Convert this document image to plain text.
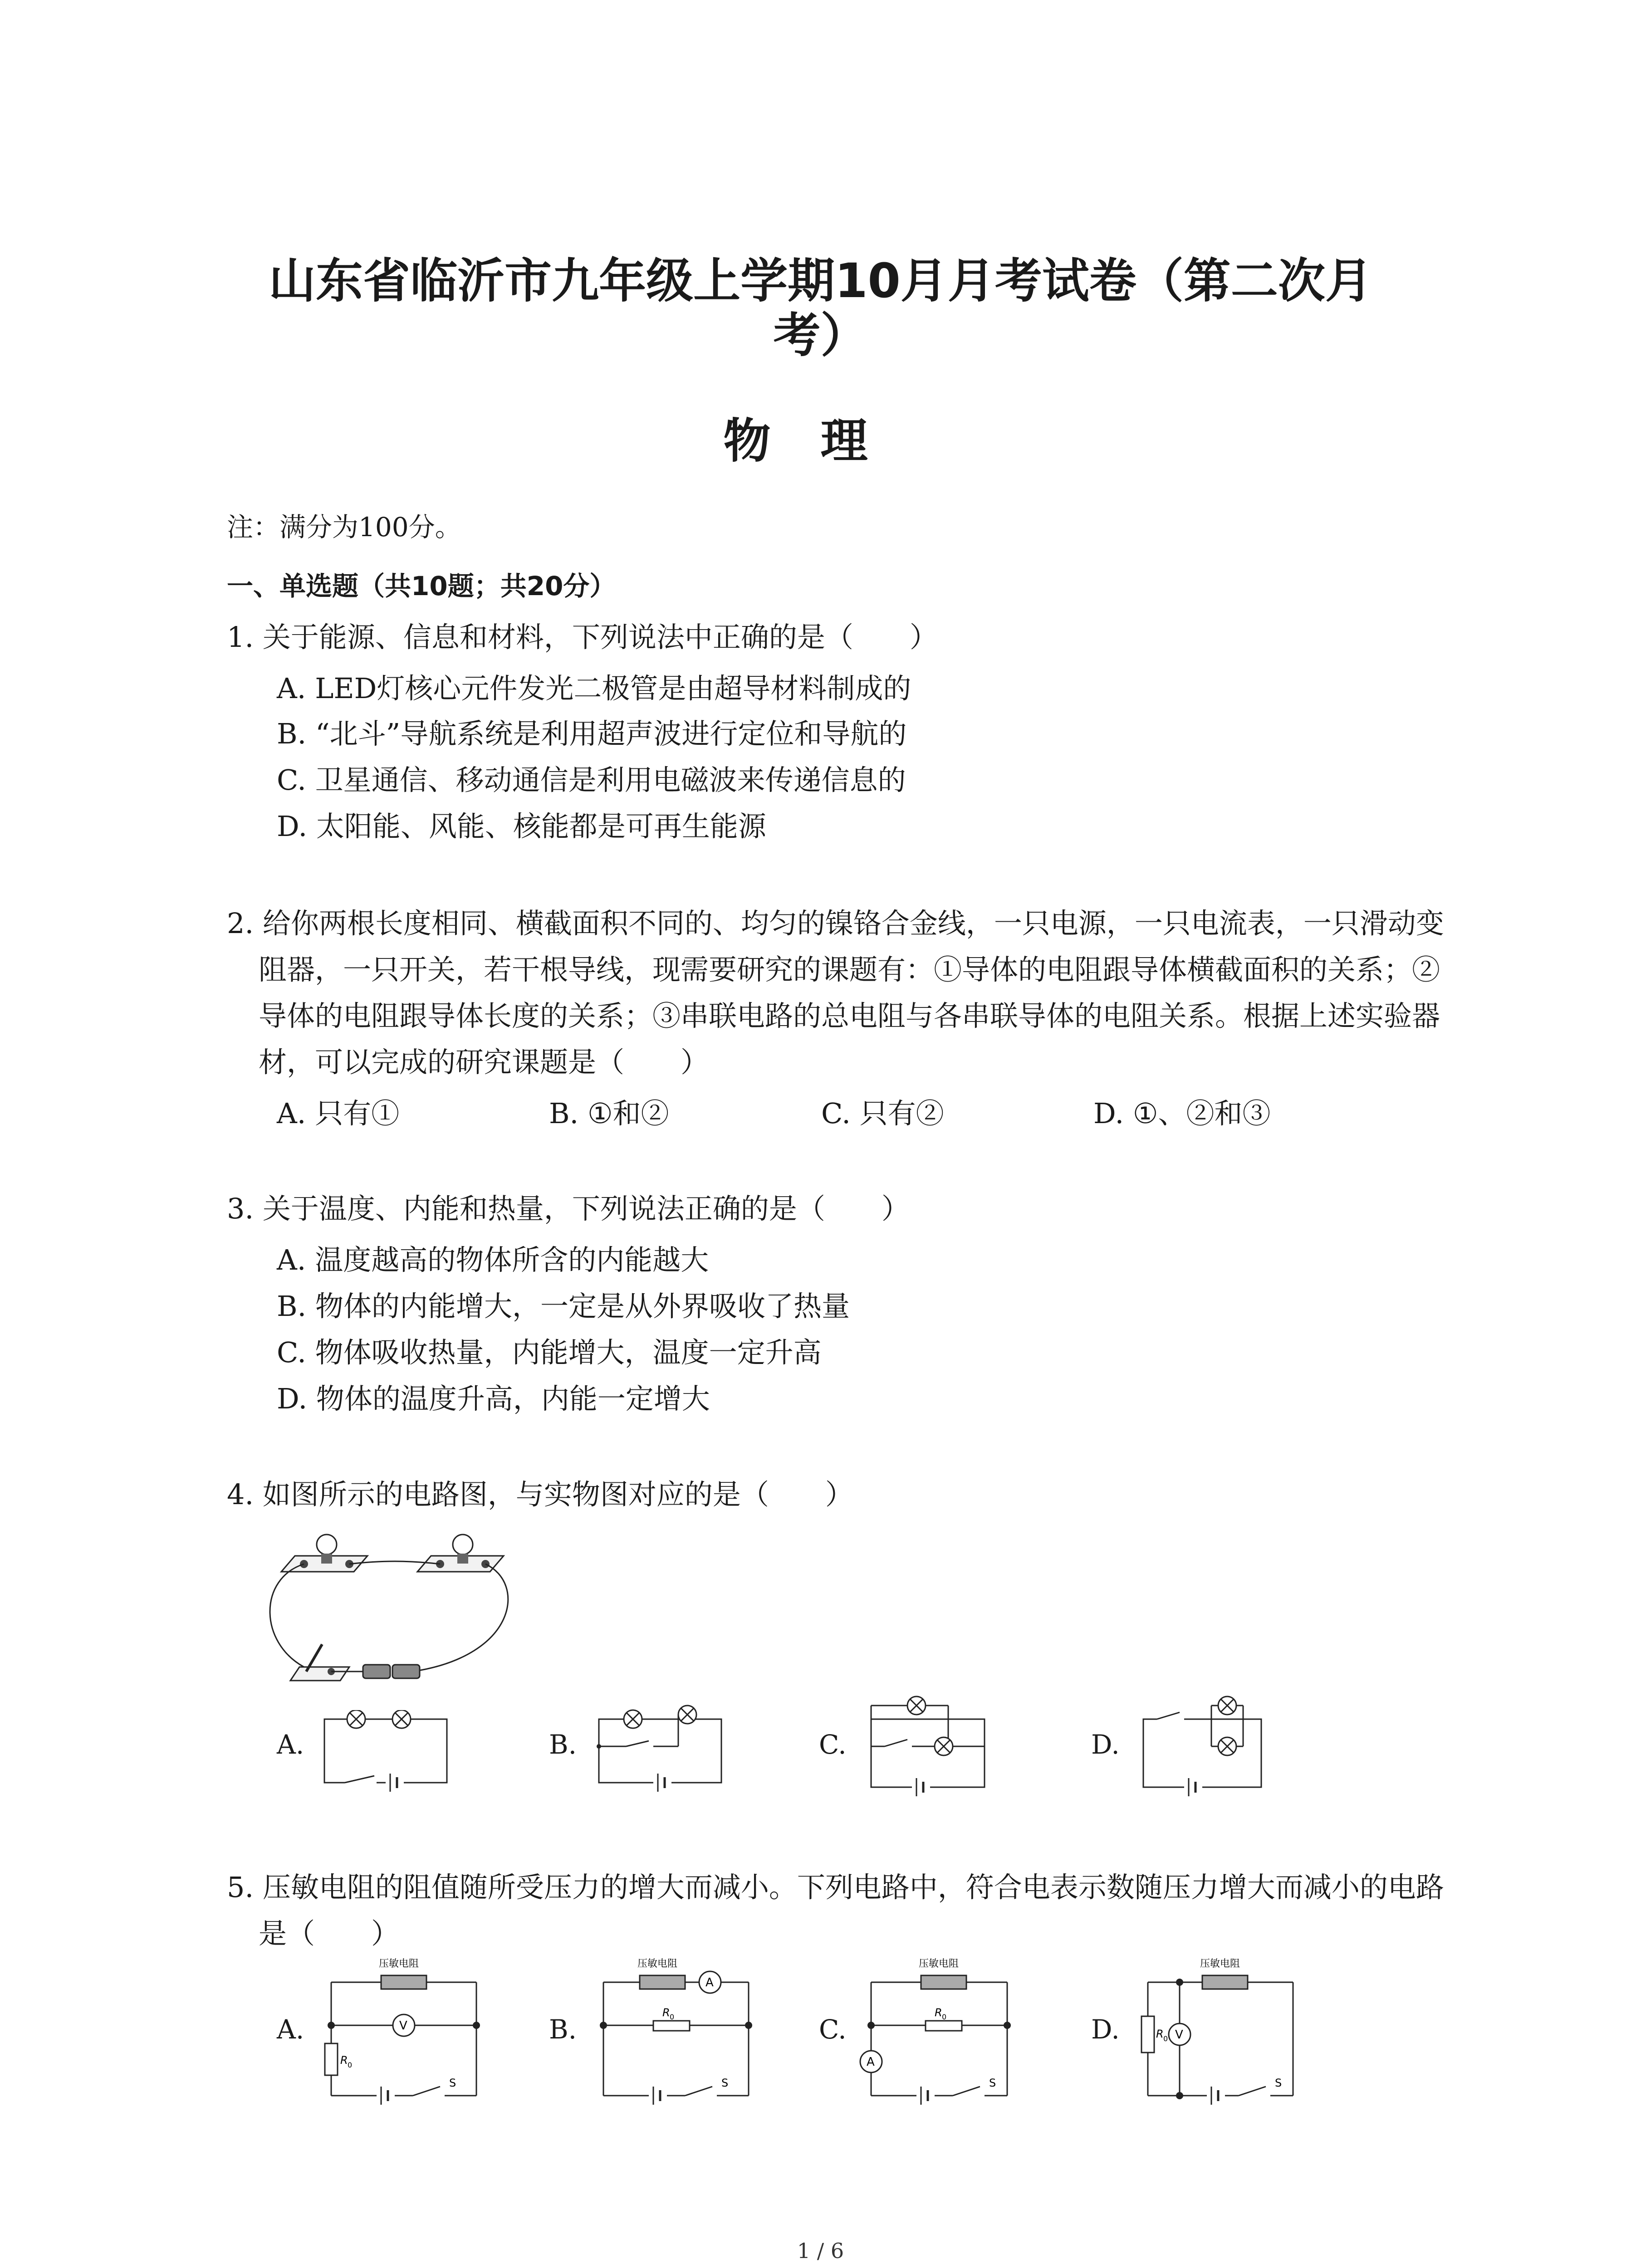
山东省临沂市九年级上学期10月月考试卷（第二次月
考）
物理
注：满分为100分。
一、单选题（共10题；共20分）
1. 关于能源、信息和材料，下列说法中正确的是（　　）
A. LED灯核心元件发光二极管是由超导材料制成的
B. “北斗”导航系统是利用超声波进行定位和导航的
C. 卫星通信、移动通信是利用电磁波来传递信息的
D. 太阳能、风能、核能都是可再生能源
2. 给你两根长度相同、横截面积不同的、均匀的镍铬合金线，一只电源，一只电流表，一只滑动变阻器，一只开关，若干根导线，现需要研究的课题有：①导体的电阻跟导体横截面积的关系；②导体的电阻跟导体长度的关系；③串联电路的总电阻与各串联导体的电阻关系。根据上述实验器材，可以完成的研究课题是（　　）
A. 只有①	B. ①和②	C. 只有②	D. ①、②和③
3. 关于温度、内能和热量，下列说法正确的是（　　）
A. 温度越高的物体所含的内能越大
B. 物体的内能增大，一定是从外界吸收了热量
C. 物体吸收热量，内能增大，温度一定升高
D. 物体的温度升高，内能一定增大
4. 如图所示的电路图，与实物图对应的是（　　）
A.	B.	C.	D.
5. 压敏电阻的阻值随所受压力的增大而减小。下列电路中，符合电表示数随压力增大而减小的电路是（　　）
A.
压敏电阻
V
R 0
S
B.
压敏电阻
A
R 0
S
C.
压敏电阻
R 0
A
S
D.
压敏电阻
R 0 V
S
1 / 6
